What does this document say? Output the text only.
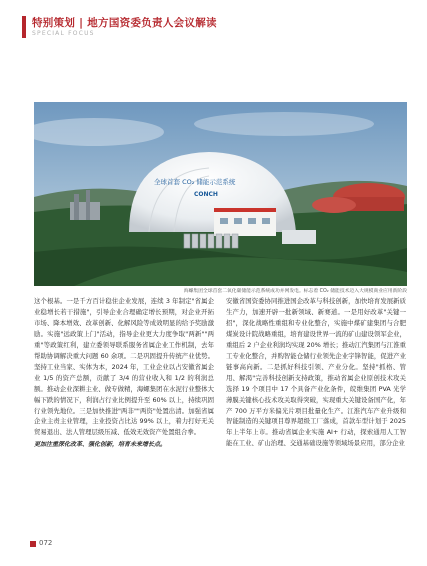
特别策划 | 地方国资委负责人会议解读
SPECIAL FOCUS
全球首套 CO₂ 储能示范系统
CONCH
海螺集团全球首套二氧化碳储能示范系统成功并网发电。标志着 CO₂ 储能技术迈入大规模商业应用新阶段

这个根基。一是千方百计稳住企业发展，连续 3 年制定"省属企业稳增长若干措施"，引导企业合理确定增长预期，对企业开拓市场、降本增效、改革创新、化解风险等成效明显的给予奖励激励。实施"远政策上门"活动，指导企业更大力度争取"两新""两重"等政策红利，建立委领导联系服务省属企业工作机制，去年帮助协调解决重大问题 60 余项。二是巩固提升传统产业优势。坚持工业当家、实体为本，2024 年，工业企业以占安徽省属企业 1/5 的资产总额，贡献了 3/4 的营业收入和 1/2 的利润总额。推动企业深耕主业、做专做精，海螺集团在水泥行业整体大幅下跌的情况下，利润占行业比例提升至 60% 以上，持续巩固行业领先地位。三是加快推进"两非""两资"处置出清。加强省属企业主责主业管理，主业投资占比达 99% 以上，着力打好无关贸易退出、法人管理层级压减、低效无效资产处置组合拳。

更加注重深化改革、强化创新，培育未来增长点。

安徽省国资委协同推进国企改革与科技创新，加快培育发展新质生产力，加速开辟一批新领域、新赛道。一是用好改革"关键一招"，深化战略性重组和专业化整合，实施中煤矿建集团与合肥煤炭设计院战略重组，培育建设世界一流的矿山建设领军企业，重组后 2 户企业利润均实现 20% 增长；推动江汽集团与江淮重工专业化整合，并购智能仓储行业领先企业宇锋智能，促进产业链事高向新。二是抓好科技引领、产业分化。坚持"抓格、管用、解渴"完善科技创新支持政策，推动省属企业原创技术攻关选择 19 个项目中 17 个具备产业化条件，皖维集团 PVA 光学薄膜关键核心技术攻关取得突破，实现重大关键设备国产化，年产 700 万平方米偏光片项目批量化生产。江淮汽车产业升级和智能制造的关键项目尊界超级工厂落成，首款车型计划于 2025 年上半年上市。推动省属企业实施 AI+ 行动，探索通用人工智能在工业、矿山治理、交通基础设施等领域场景应用，部分企业

072
